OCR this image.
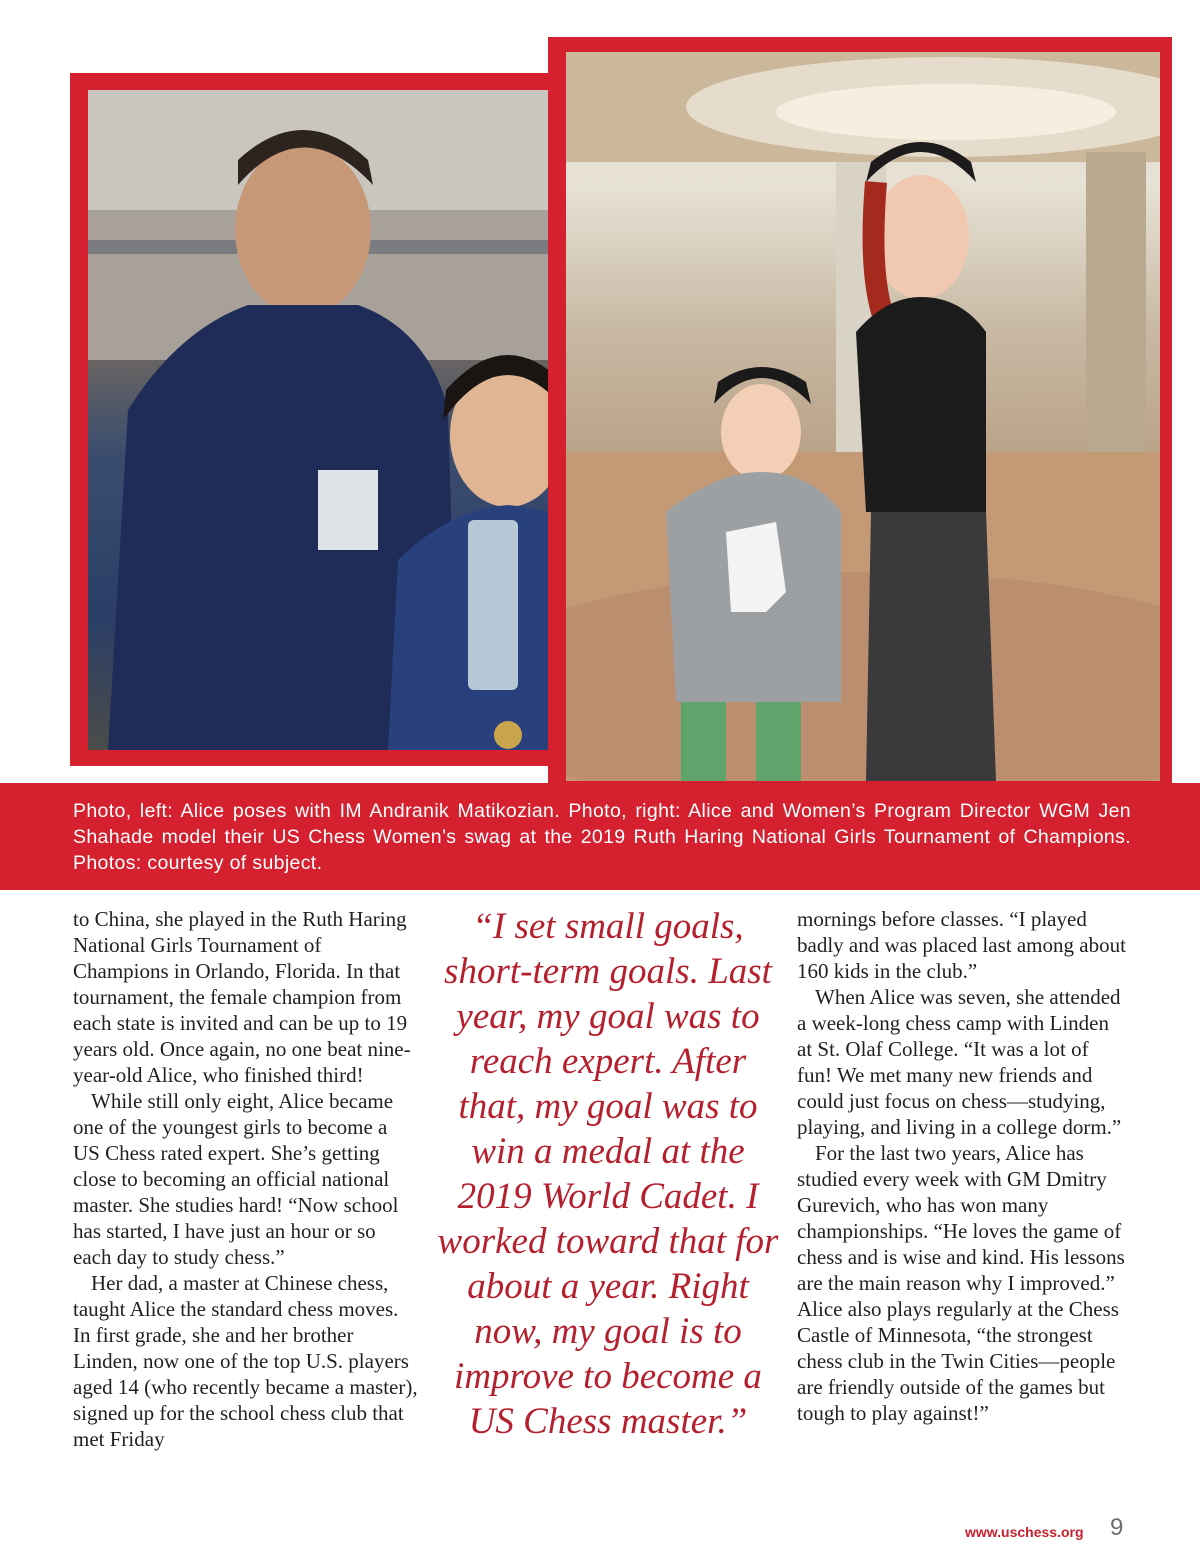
Photo, left: Alice poses with IM Andranik Matikozian. Photo, right: Alice and Women’s Program Director WGM Jen Shahade model their US Chess Women’s swag at the 2019 Ruth Haring National Girls Tournament of Champions. Photos: courtesy of subject.

to China, she played in the Ruth Haring National Girls Tournament of Champions in Orlando, Florida. In that tournament, the female champion from each state is invited and can be up to 19 years old. Once again, no one beat nine-year-old Alice, who finished third!

While still only eight, Alice became one of the youngest girls to become a US Chess rated expert. She’s getting close to becoming an official national master. She studies hard! “Now school has started, I have just an hour or so each day to study chess.”

Her dad, a master at Chinese chess, taught Alice the standard chess moves. In first grade, she and her brother Linden, now one of the top U.S. players aged 14 (who recently became a master), signed up for the school chess club that met Friday

“I set small goals, short-term goals. Last year, my goal was to reach expert. After that, my goal was to win a medal at the 2019 World Cadet. I worked toward that for about a year. Right now, my goal is to improve to become a US Chess master.”

mornings before classes. “I played badly and was placed last among about 160 kids in the club.”

When Alice was seven, she attended a week-long chess camp with Linden at St. Olaf College. “It was a lot of fun! We met many new friends and could just focus on chess—studying, playing, and living in a college dorm.”

For the last two years, Alice has studied every week with GM Dmitry Gurevich, who has won many championships. “He loves the game of chess and is wise and kind. His lessons are the main reason why I improved.” Alice also plays regularly at the Chess Castle of Minnesota, “the strongest chess club in the Twin Cities—people are friendly outside of the games but tough to play against!”

www.uschess.org 9
